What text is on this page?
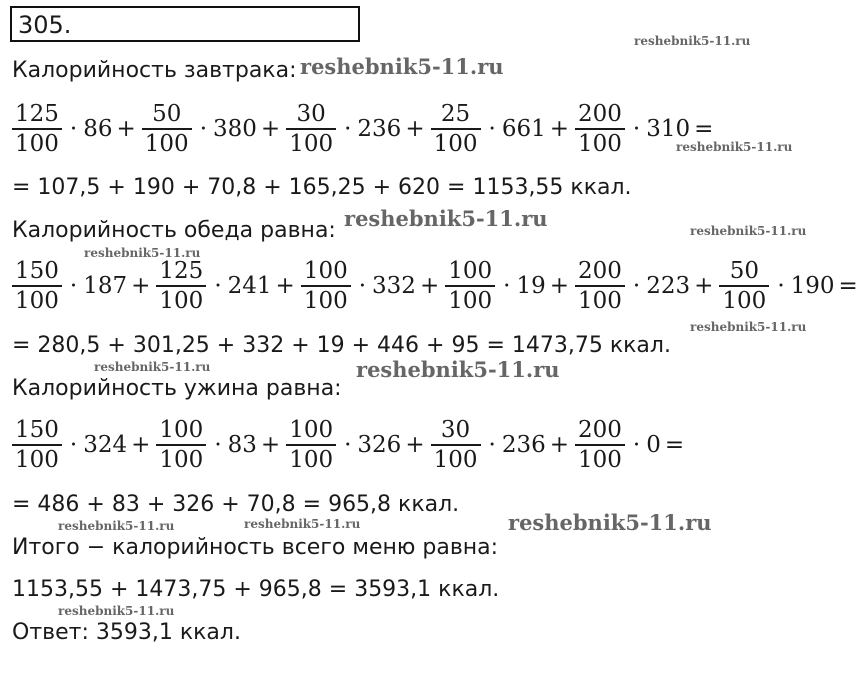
305.
Калорийность завтрака:
$\frac{125}{100} \cdot 86 + \frac{50}{100} \cdot 380 + \frac{30}{100} \cdot 236 + \frac{25}{100} \cdot 661 + \frac{200}{100} \cdot 310$ =
= 107,5 + 190 + 70,8 + 165,25 + 620 = 1153,55 ккал.
Калорийность обеда равна:
$\frac{150}{100} \cdot 187 + \frac{125}{100} \cdot 241 + \frac{100}{100} \cdot 332 + \frac{100}{100} \cdot 19 + \frac{200}{100} \cdot 223 + \frac{50}{100} \cdot 190$ =
= 280,5 + 301,25 + 332 + 19 + 446 + 95 = 1473,75 ккал.
Калорийность ужина равна:
$\frac{150}{100} \cdot 324 + \frac{100}{100} \cdot 83 + \frac{100}{100} \cdot 326 + \frac{30}{100} \cdot 236 + \frac{200}{100} \cdot 0$ =
= 486 + 83 + 326 + 70,8 = 965,8 ккал.
Итого − калорийность всего меню равна:
1153,55 + 1473,75 + 965,8 = 3593,1 ккал.
Ответ: 3593,1 ккал.
reshebnik5-11.ru
reshebnik5-11.ru
reshebnik5-11.ru
reshebnik5-11.ru	reshebnik5-11.ru
reshebnik5-11.ru
reshebnik5-11.ru
reshebnik5-11.ru	reshebnik5-11.ru
reshebnik5-11.ru
reshebnik5-11.ru	reshebnik5-11.ru
reshebnik5-11.ru
